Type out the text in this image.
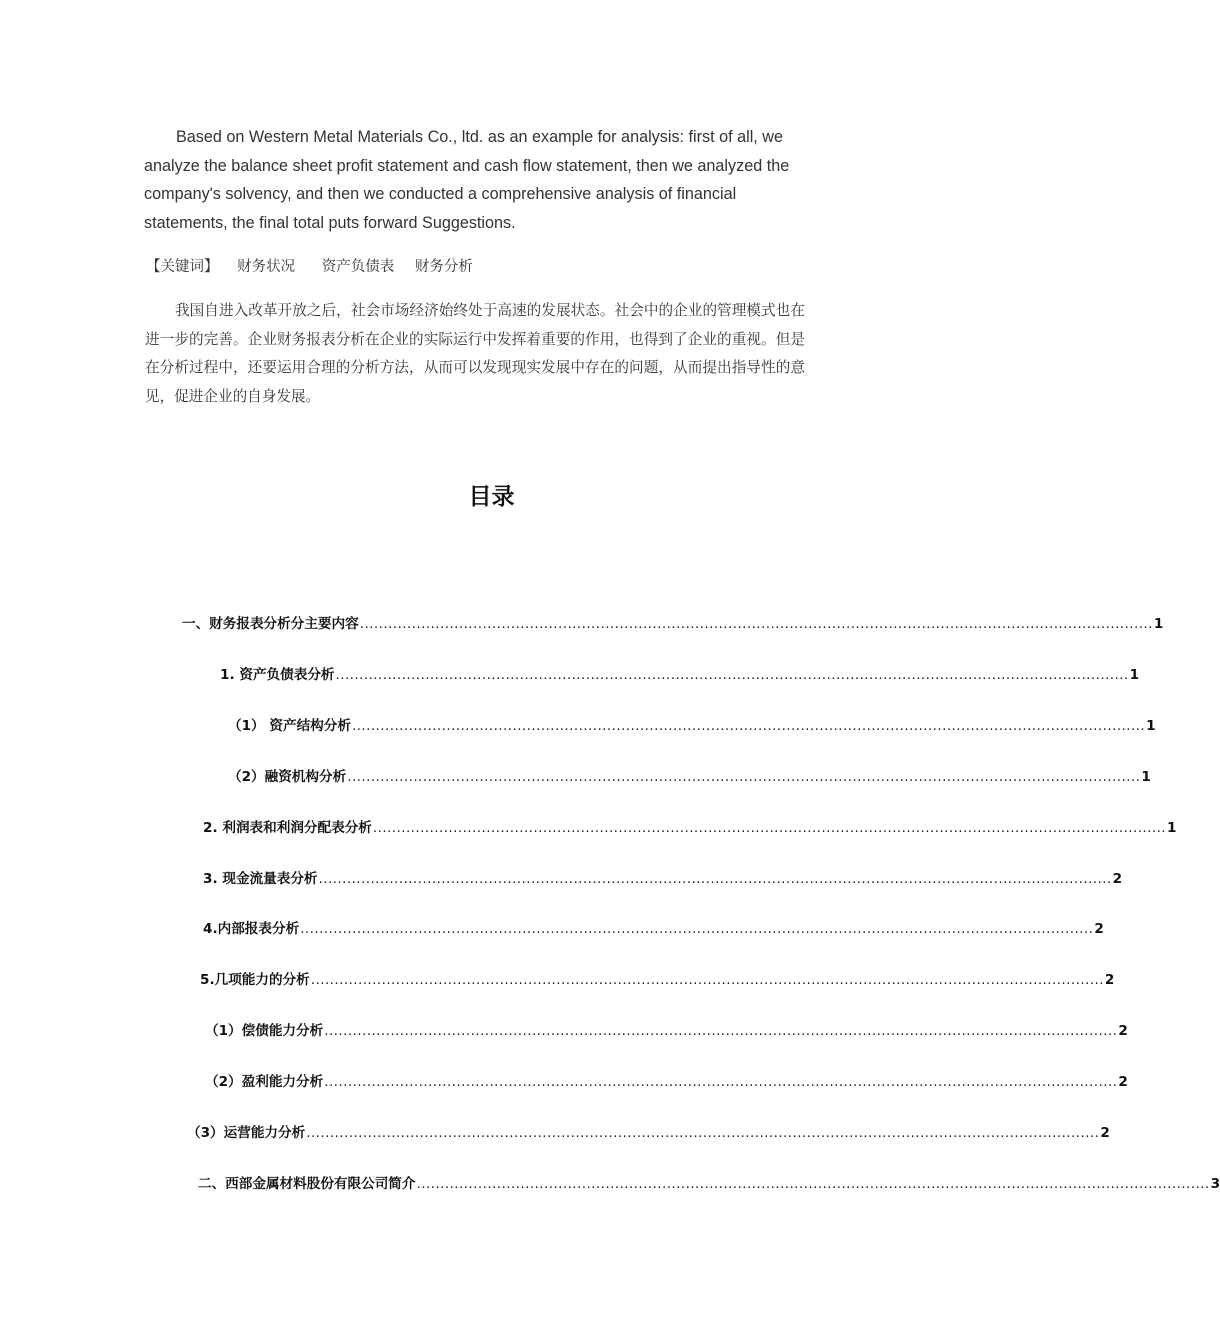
Based on Western Metal Materials Co., ltd. as an example for analysis: first of all, we analyze the balance sheet profit statement and cash flow statement, then we analyzed the company's solvency, and then we conducted a comprehensive analysis of financial statements, the final total puts forward Suggestions.

【关键词】 财务状况 资产负债表 财务分析

我国自进入改革开放之后，社会市场经济始终处于高速的发展状态。社会中的企业的管理模式也在进一步的完善。企业财务报表分析在企业的实际运行中发挥着重要的作用，也得到了企业的重视。但是在分析过程中，还要运用合理的分析方法，从而可以发现现实发展中存在的问题，从而提出指导性的意见，促进企业的自身发展。

目录
一、财务报表分析分主要内容 ........................................................................................................................................................................ 1
1. 资产负债表分析 ........................................................................................................................................................................ 1
（1） 资产结构分析 ........................................................................................................................................................................ 1
（2）融资机构分析 ........................................................................................................................................................................ 1
2. 利润表和利润分配表分析 ........................................................................................................................................................................ 1
3. 现金流量表分析 ........................................................................................................................................................................ 2
4.内部报表分析 ........................................................................................................................................................................ 2
5.几项能力的分析 ........................................................................................................................................................................ 2
（1）偿债能力分析 ........................................................................................................................................................................ 2
（2）盈利能力分析 ........................................................................................................................................................................ 2
（3）运营能力分析 ........................................................................................................................................................................ 2
二、西部金属材料股份有限公司简介 ........................................................................................................................................................................ 3
